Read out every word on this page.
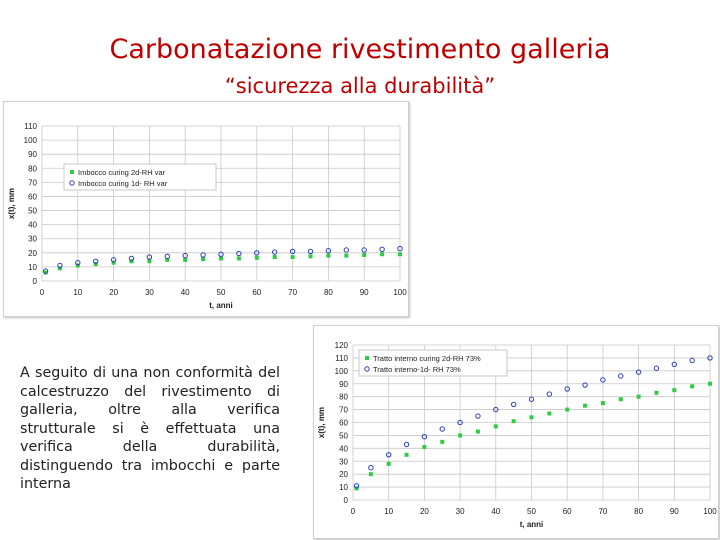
Carbonatazione rivestimento galleria
“sicurezza alla durabilità”
0
10
20
30
40
50
60
70
80
90
100
110
0	10	20	30	40	50	60	70	80	90	100
t, anni
x(t), mm
Imbocco curing 2d-RH var
Imbocco curing 1d- RH var
0
10
20
30
40
50
60
70
80
90
100
110
120
0	10	20	30	40	50	60	70	80	90	100
t, anni
x(t), mm
Tratto interno curing 2d-RH 73%
Tratto interno-1d- RH 73%
A seguito di una non conformità del calcestruzzo del rivestimento di galleria, oltre alla verifica strutturale si è effettuata una verifica della durabilità, distinguendo tra imbocchi e parte interna
